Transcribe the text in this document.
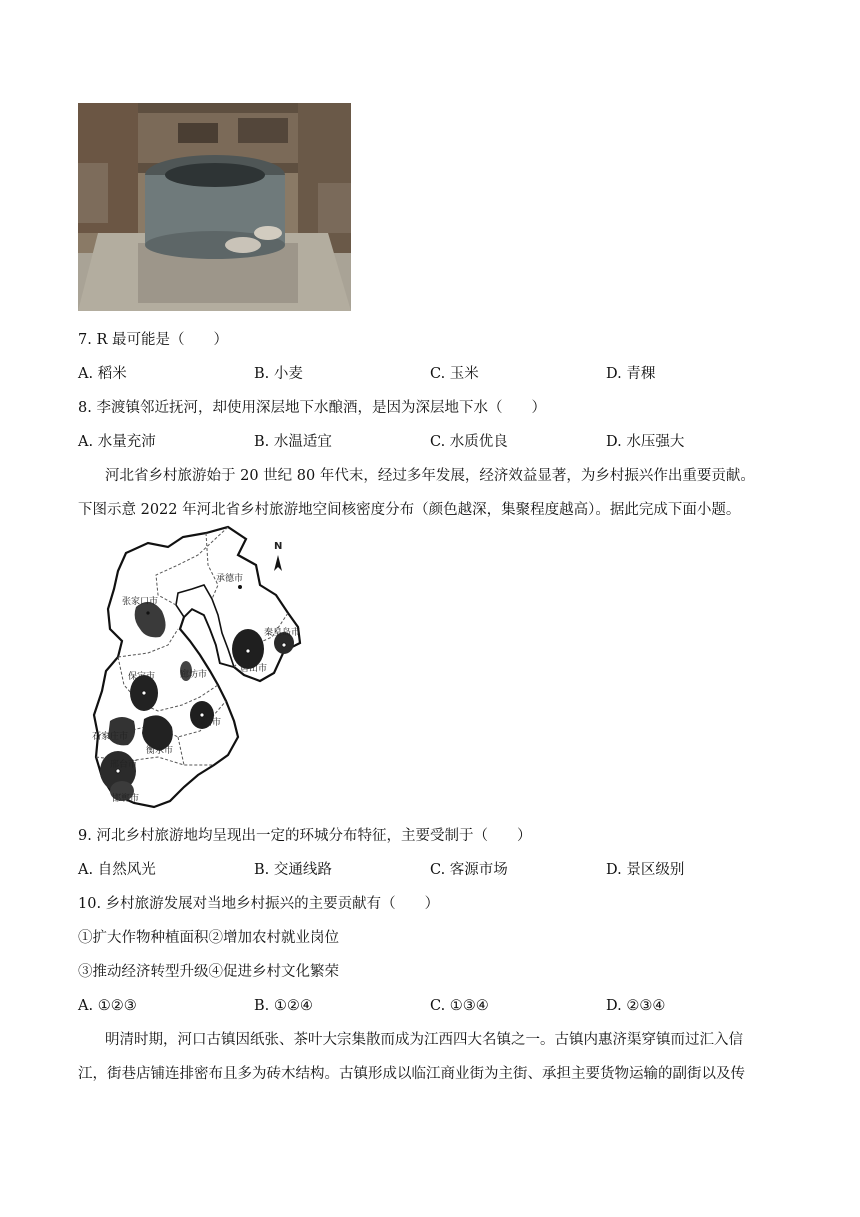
7. R 最可能是（　　）
A. 稻米	B. 小麦	C. 玉米	D. 青稞
8. 李渡镇邻近抚河，却使用深层地下水酿酒，是因为深层地下水（　　）
A. 水量充沛	B. 水温适宜	C. 水质优良	D. 水压强大
河北省乡村旅游始于 20 世纪 80 年代末，经过多年发展，经济效益显著，为乡村振兴作出重要贡献。
下图示意 2022 年河北省乡村旅游地空间核密度分布（颜色越深，集聚程度越高）。据此完成下面小题。
N
张家口市
承德市
秦皇岛市
唐山市
保定市	廊坊市
沧州市
石家庄市
衡水市
邢台市
邯郸市
9. 河北乡村旅游地均呈现出一定的环城分布特征，主要受制于（　　）
A. 自然风光	B. 交通线路	C. 客源市场	D. 景区级别
10. 乡村旅游发展对当地乡村振兴的主要贡献有（　　）
①扩大作物种植面积②增加农村就业岗位
③推动经济转型升级④促进乡村文化繁荣
A. ①②③	B. ①②④	C. ①③④	D. ②③④
明清时期，河口古镇因纸张、茶叶大宗集散而成为江西四大名镇之一。古镇内惠济渠穿镇而过汇入信
江，街巷店铺连排密布且多为砖木结构。古镇形成以临江商业街为主街、承担主要货物运输的副街以及传
